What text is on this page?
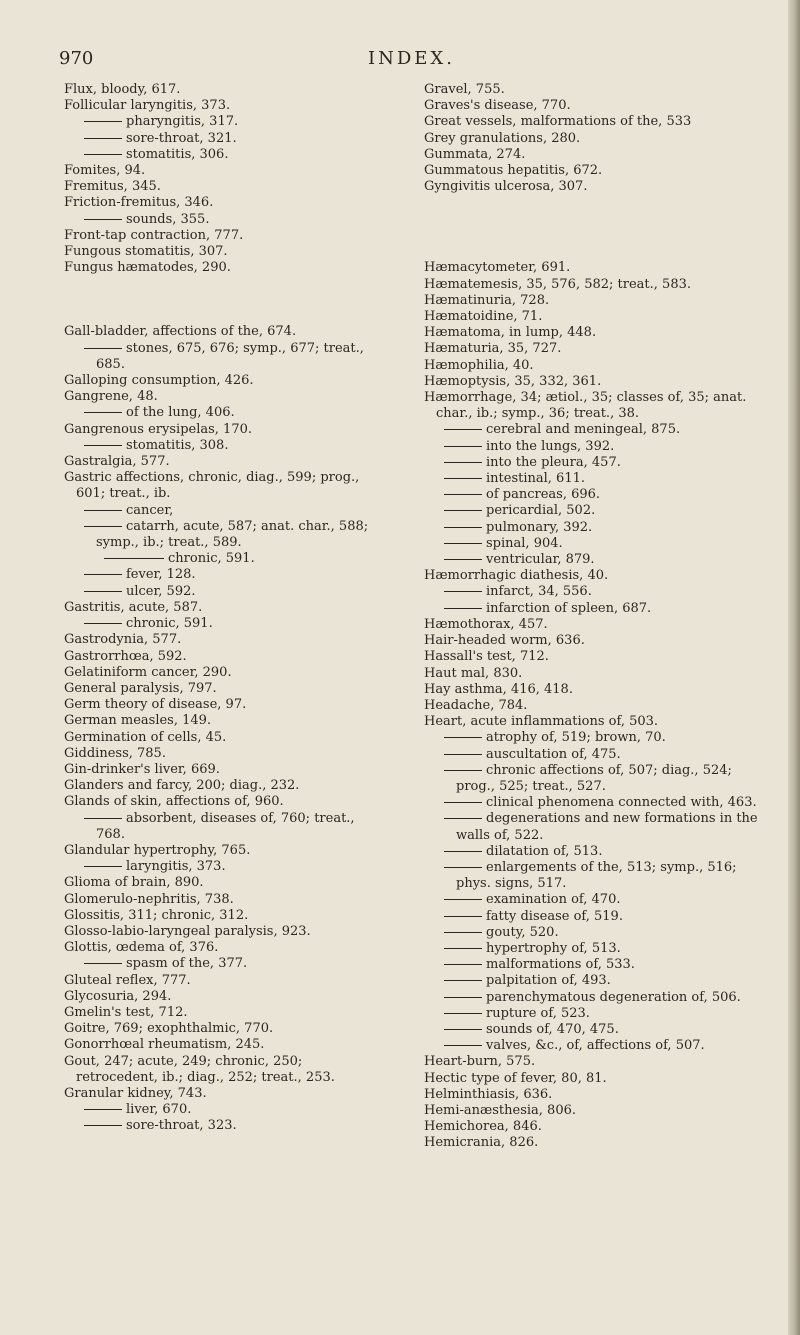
970	INDEX.

Flux, bloody, 617.

Follicular laryngitis, 373.

pharyngitis, 317.

sore-throat, 321.

stomatitis, 306.

Fomites, 94.

Fremitus, 345.

Friction-fremitus, 346.

sounds, 355.

Front-tap contraction, 777.

Fungous stomatitis, 307.

Fungus hæmatodes, 290.

Gall-bladder, affections of the, 674.

stones, 675, 676; symp., 677; treat., 685.

Galloping consumption, 426.

Gangrene, 48.

of the lung, 406.

Gangrenous erysipelas, 170.

stomatitis, 308.

Gastralgia, 577.

Gastric affections, chronic, diag., 599; prog., 601; treat., ib.

cancer,

catarrh, acute, 587; anat. char., 588; symp., ib.; treat., 589.

chronic, 591.

fever, 128.

ulcer, 592.

Gastritis, acute, 587.

chronic, 591.

Gastrodynia, 577.

Gastrorrhœa, 592.

Gelatiniform cancer, 290.

General paralysis, 797.

Germ theory of disease, 97.

German measles, 149.

Germination of cells, 45.

Giddiness, 785.

Gin-drinker's liver, 669.

Glanders and farcy, 200; diag., 232.

Glands of skin, affections of, 960.

absorbent, diseases of, 760; treat., 768.

Glandular hypertrophy, 765.

laryngitis, 373.

Glioma of brain, 890.

Glomerulo-nephritis, 738.

Glossitis, 311; chronic, 312.

Glosso-labio-laryngeal paralysis, 923.

Glottis, œdema of, 376.

spasm of the, 377.

Gluteal reflex, 777.

Glycosuria, 294.

Gmelin's test, 712.

Goitre, 769; exophthalmic, 770.

Gonorrhœal rheumatism, 245.

Gout, 247; acute, 249; chronic, 250; retrocedent, ib.; diag., 252; treat., 253.

Granular kidney, 743.

liver, 670.

sore-throat, 323.

Gravel, 755.

Graves's disease, 770.

Great vessels, malformations of the, 533

Grey granulations, 280.

Gummata, 274.

Gummatous hepatitis, 672.

Gyngivitis ulcerosa, 307.

Hæmacytometer, 691.

Hæmatemesis, 35, 576, 582; treat., 583.

Hæmatinuria, 728.

Hæmatoidine, 71.

Hæmatoma, in lump, 448.

Hæmaturia, 35, 727.

Hæmophilia, 40.

Hæmoptysis, 35, 332, 361.

Hæmorrhage, 34; ætiol., 35; classes of, 35; anat. char., ib.; symp., 36; treat., 38.

cerebral and meningeal, 875.

into the lungs, 392.

into the pleura, 457.

intestinal, 611.

of pancreas, 696.

pericardial, 502.

pulmonary, 392.

spinal, 904.

ventricular, 879.

Hæmorrhagic diathesis, 40.

infarct, 34, 556.

infarction of spleen, 687.

Hæmothorax, 457.

Hair-headed worm, 636.

Hassall's test, 712.

Haut mal, 830.

Hay asthma, 416, 418.

Headache, 784.

Heart, acute inflammations of, 503.

atrophy of, 519; brown, 70.

auscultation of, 475.

chronic affections of, 507; diag., 524; prog., 525; treat., 527.

clinical phenomena connected with, 463.

degenerations and new formations in the walls of, 522.

dilatation of, 513.

enlargements of the, 513; symp., 516; phys. signs, 517.

examination of, 470.

fatty disease of, 519.

gouty, 520.

hypertrophy of, 513.

malformations of, 533.

palpitation of, 493.

parenchymatous degeneration of, 506.

rupture of, 523.

sounds of, 470, 475.

valves, &c., of, affections of, 507.

Heart-burn, 575.

Hectic type of fever, 80, 81.

Helminthiasis, 636.

Hemi-anæsthesia, 806.

Hemichorea, 846.

Hemicrania, 826.
